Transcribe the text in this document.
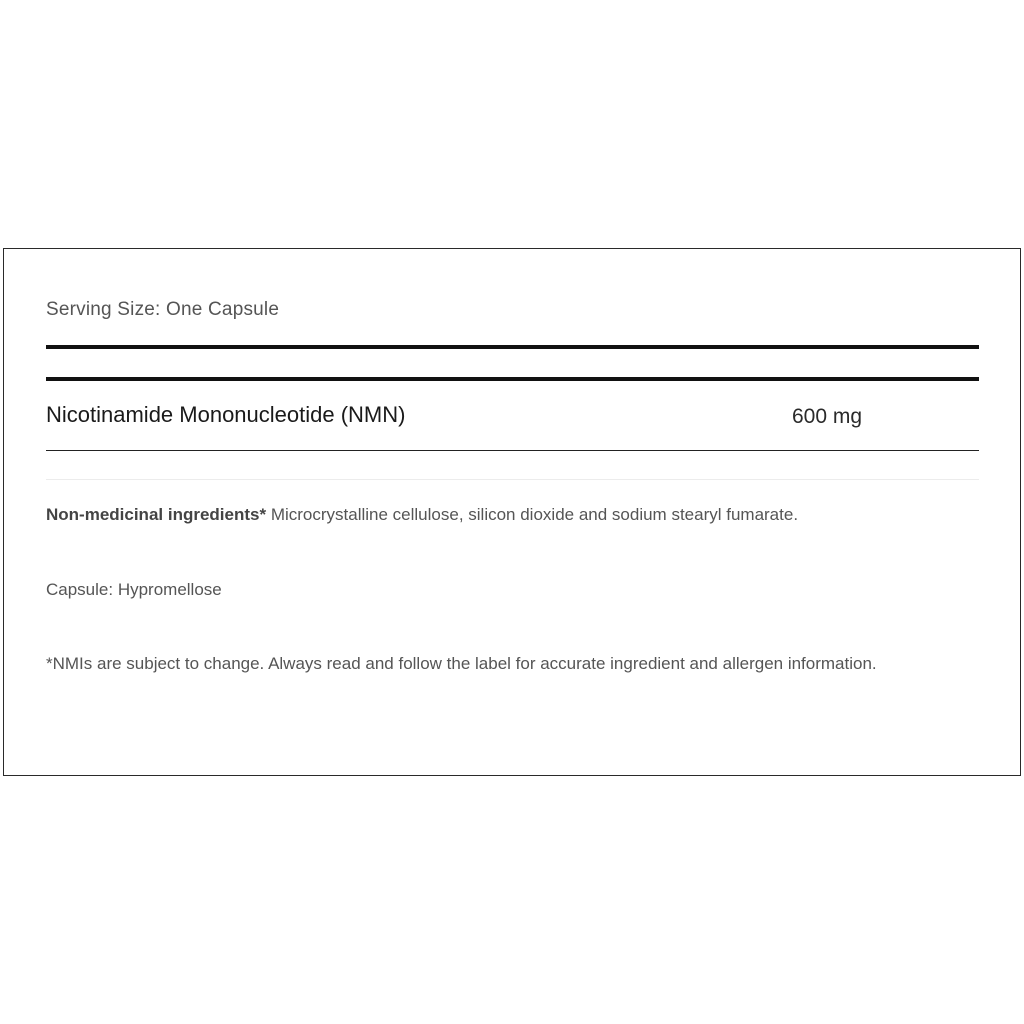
Serving Size: One Capsule
Nicotinamide Mononucleotide (NMN)	600 mg
Non-medicinal ingredients* Microcrystalline cellulose, silicon dioxide and sodium stearyl fumarate.
Capsule: Hypromellose
*NMIs are subject to change. Always read and follow the label for accurate ingredient and allergen information.
